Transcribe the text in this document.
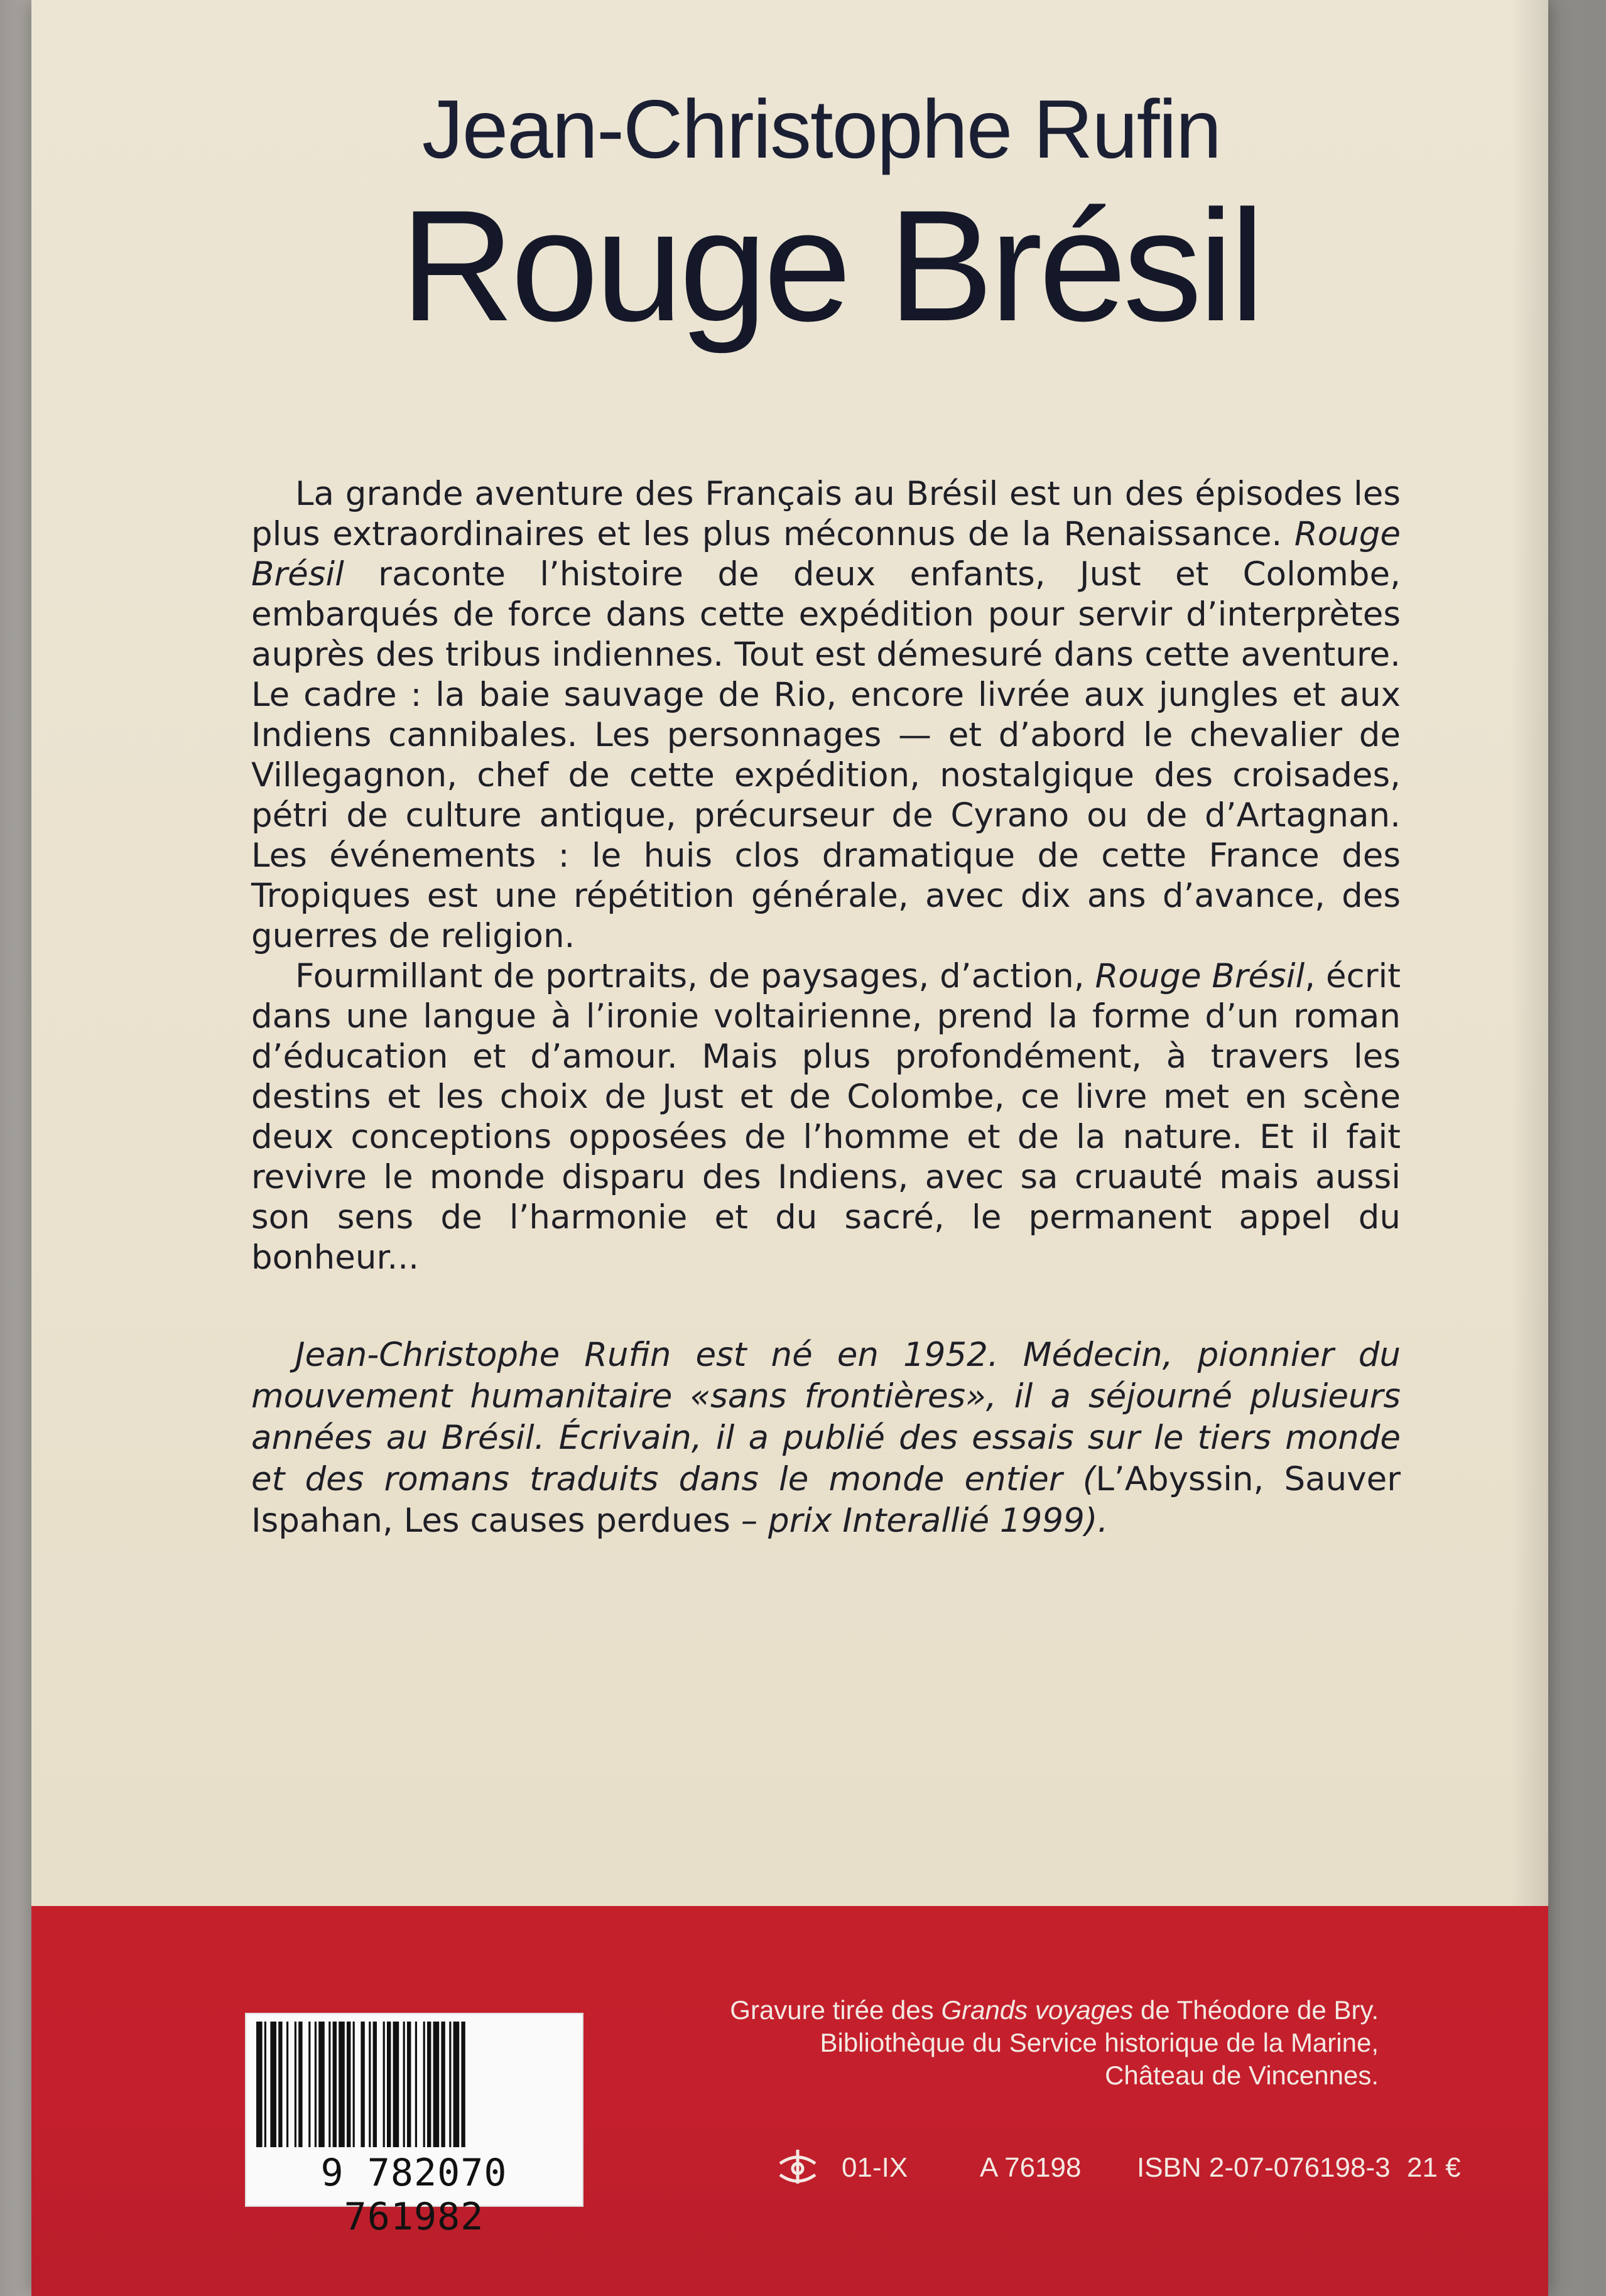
Jean-Christophe Rufin
Rouge Brésil

La grande aventure des Français au Brésil est un des épisodes les plus extraordinaires et les plus méconnus de la Renaissance. Rouge Brésil raconte l’histoire de deux enfants, Just et Colombe, embarqués de force dans cette expédition pour servir d’interprètes auprès des tribus indiennes. Tout est démesuré dans cette aventure. Le cadre : la baie sauvage de Rio, encore livrée aux jungles et aux Indiens cannibales. Les personnages — et d’abord le chevalier de Villegagnon, chef de cette expédition, nostalgique des croisades, pétri de culture antique, précurseur de Cyrano ou de d’Artagnan. Les événements : le huis clos dramatique de cette France des Tropiques est une répétition générale, avec dix ans d’avance, des guerres de religion.

Fourmillant de portraits, de paysages, d’action, Rouge Brésil, écrit dans une langue à l’ironie voltairienne, prend la forme d’un roman d’éducation et d’amour. Mais plus profondément, à travers les destins et les choix de Just et de Colombe, ce livre met en scène deux conceptions opposées de l’homme et de la nature. Et il fait revivre le monde disparu des Indiens, avec sa cruauté mais aussi son sens de l’harmonie et du sacré, le permanent appel du bonheur...

Jean-Christophe Rufin est né en 1952. Médecin, pionnier du mouvement humanitaire «sans frontières», il a séjourné plusieurs années au Brésil. Écrivain, il a publié des essais sur le tiers monde et des romans traduits dans le monde entier (L’Abyssin, Sauver Ispahan, Les causes perdues – prix Interallié 1999).

9 782070 761982
Gravure tirée des Grands voyages de Théodore de Bry.
Bibliothèque du Service historique de la Marine,
Château de Vincennes.
01-IX	A 76198 ISBN 2-07-076198-3 21 €
